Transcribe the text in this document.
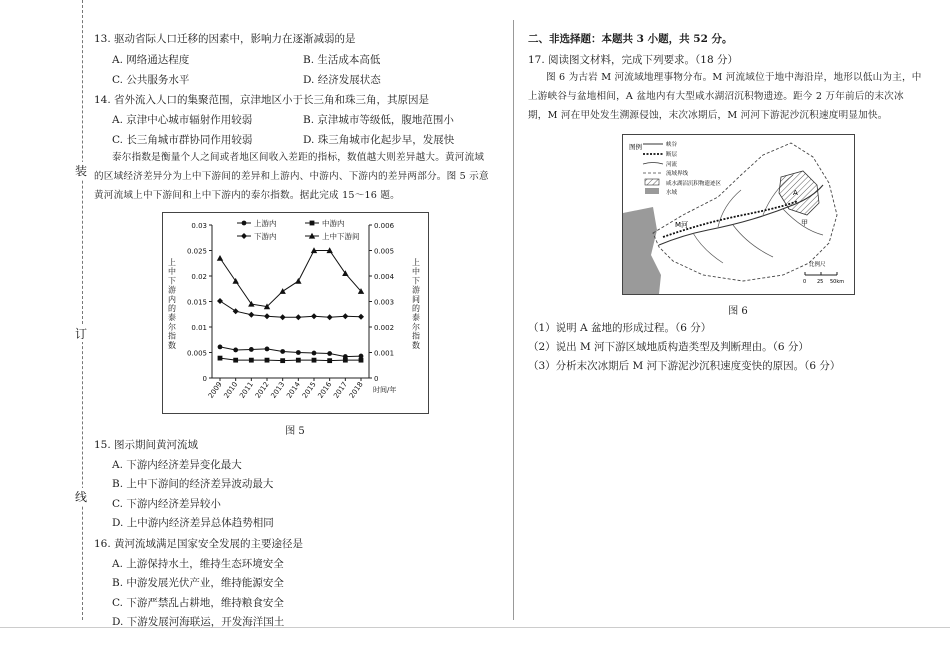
装
订
线
13. 驱动省际人口迁移的因素中，影响力在逐渐减弱的是
A. 网络通达程度	B. 生活成本高低
C. 公共服务水平	D. 经济发展状态
14. 省外流入人口的集聚范围，京津地区小于长三角和珠三角，其原因是
A. 京津中心城市辐射作用较弱	B. 京津城市等级低，腹地范围小
C. 长三角城市群协同作用较弱	D. 珠三角城市化起步早，发展快
泰尔指数是衡量个人之间或者地区间收入差距的指标，数值越大则差异越大。黄河流域
的区域经济差异分为上中下游间的差异和上游内、中游内、下游内的差异两部分。图 5 示意
黄河流域上中下游间和上中下游内的泰尔指数。据此完成 15～16 题。
0
0.005
0.01
0.015
0.02
0.025
0.03
0
0.001
0.002
0.003
0.004
0.005
0.006
2009
2010
2011
2012
2013
2014
2015
2016
2017
2018 时间/年
上
中
下
游
内
的
泰
尔
指
数
上
中
下
游
间
的
泰
尔
指
数
上游内	中游内
下游内	上中下游间
图 5
15. 图示期间黄河流域
A. 下游内经济差异变化最大
B. 上中下游间的经济差异波动最大
C. 下游内经济差异较小
D. 上中游内经济差异总体趋势相同
16. 黄河流域满足国家安全发展的主要途径是
A. 上游保持水土，维持生态环境安全
B. 中游发展光伏产业，维持能源安全
C. 下游严禁乱占耕地，维持粮食安全
D. 下游发展河海联运，开发海洋国土
二、非选择题：本题共 3 小题，共 52 分。
17. 阅读图文材料，完成下列要求。（18 分）
图 6 为古岩 M 河流域地理事物分布。M 河流域位于地中海沿岸，地形以低山为主，中
上游峡谷与盆地相间，A 盆地内有大型咸水湖沼沉积物遗迹。距今 2 万年前后的末次冰
期，M 河在甲处发生溯源侵蚀，末次冰期后，M 河河下游泥沙沉积速度明显加快。
图例	峡谷
断层
河流
流域界线
咸水湖沼沉积物遗迹区
水域	A
甲
M河
比例尺
0 25 50km
图 6
（1）说明 A 盆地的形成过程。（6 分）
（2）说出 M 河下游区域地质构造类型及判断理由。（6 分）
（3）分析末次冰期后 M 河下游泥沙沉积速度变快的原因。（6 分）
